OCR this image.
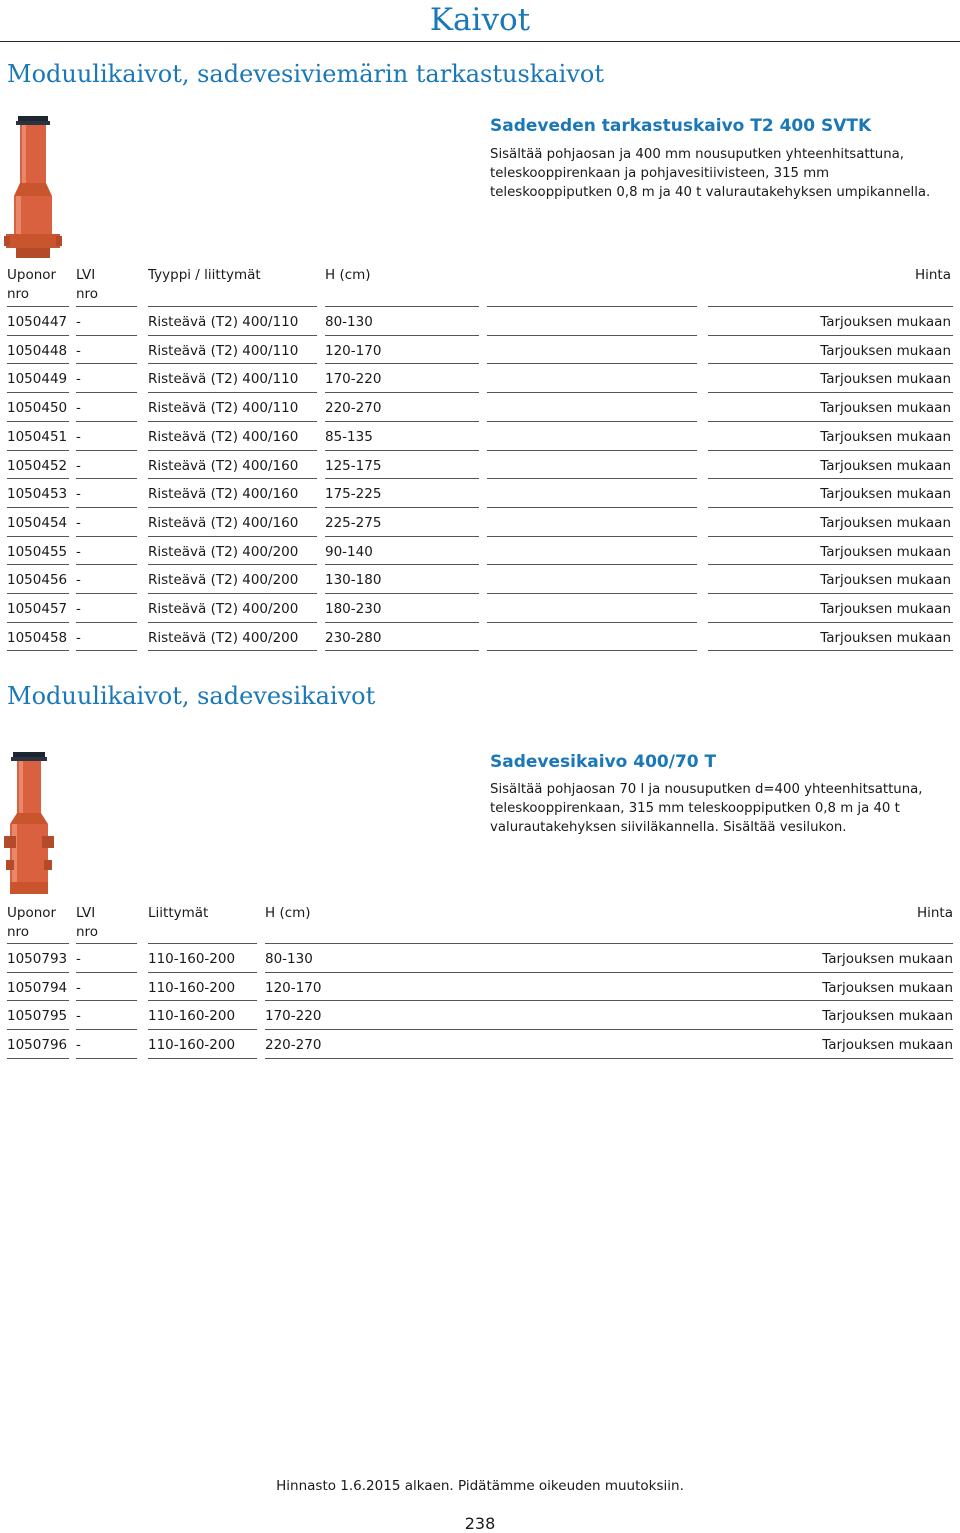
Kaivot
Moduulikaivot, sadevesiviemärin tarkastuskaivot
Sadeveden tarkastuskaivo T2 400 SVTK

Sisältää pohjaosan ja 400 mm nousuputken yhteenhitsattuna, teleskooppirenkaan ja pohjavesitiivisteen, 315 mm teleskooppiputken 0,8 m ja 40 t valurautakehyksen umpikannella.

Uponor
nro
LVI
nro
Tyyppi / liittymät	H (cm)	Hinta
1050447 -	Risteävä (T2) 400/110 80-130	Tarjouksen mukaan
1050448 -	Risteävä (T2) 400/110 120-170	Tarjouksen mukaan
1050449 -	Risteävä (T2) 400/110 170-220	Tarjouksen mukaan
1050450 -	Risteävä (T2) 400/110 220-270	Tarjouksen mukaan
1050451 -	Risteävä (T2) 400/160 85-135	Tarjouksen mukaan
1050452 -	Risteävä (T2) 400/160 125-175	Tarjouksen mukaan
1050453 -	Risteävä (T2) 400/160 175-225	Tarjouksen mukaan
1050454 -	Risteävä (T2) 400/160 225-275	Tarjouksen mukaan
1050455 -	Risteävä (T2) 400/200 90-140	Tarjouksen mukaan
1050456 -	Risteävä (T2) 400/200 130-180	Tarjouksen mukaan
1050457 -	Risteävä (T2) 400/200 180-230	Tarjouksen mukaan
1050458 -	Risteävä (T2) 400/200 230-280	Tarjouksen mukaan
Moduulikaivot, sadevesikaivot
Sadevesikaivo 400/70 T

Sisältää pohjaosan 70 l ja nousuputken d=400 yhteenhitsattuna, teleskooppirenkaan, 315 mm teleskooppiputken 0,8 m ja 40 t valurautakehyksen siiviläkannella. Sisältää vesilukon.

Uponor
nro
LVI
nro
Liittymät	H (cm)	Hinta
1050793 -	110-160-200 80-130	Tarjouksen mukaan
1050794 -	110-160-200 120-170	Tarjouksen mukaan
1050795 -	110-160-200 170-220	Tarjouksen mukaan
1050796 -	110-160-200 220-270	Tarjouksen mukaan
Hinnasto 1.6.2015 alkaen. Pidätämme oikeuden muutoksiin.
238
